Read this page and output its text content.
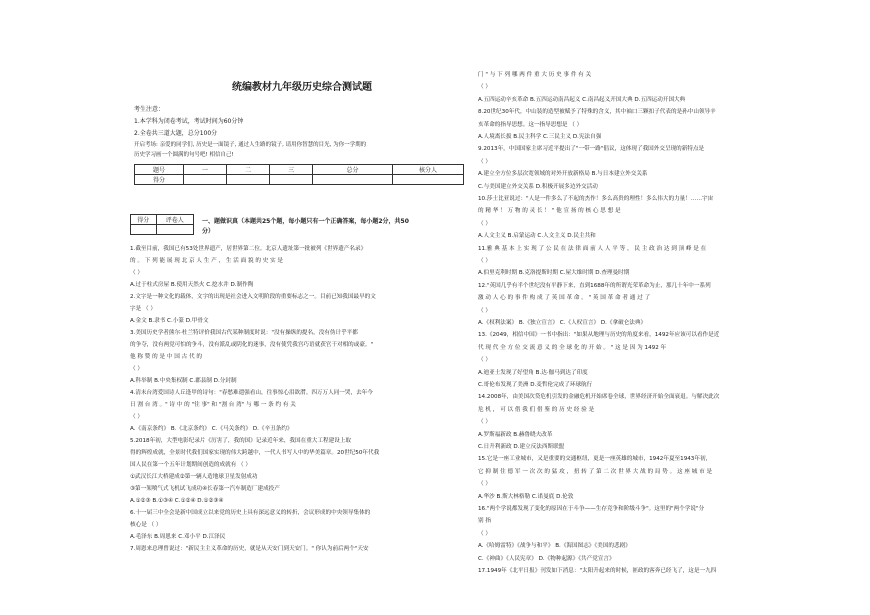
统编教材九年级历史综合测试题
考生注意：
1.本学科为闭卷考试，考试时间为60分钟
2.全卷共三道大题，总分100分
开启考场: 亲爱的同学们, 历史是一面镜子, 通过人生路的镜子, 请用你智慧的目光, 为你一学期的
历史学习画一个圆满的句号吧! 相信自己!
题号	一	二	三	总分	核分人
得分					
得分	评卷人
		一、题做识真（本题共25个题，每小题只有一个正确答案，每小题2分，共50
分）
1.截至目前，我国已有53处世界遗产，居世界第二位。北京人遗址第一批被列《世界遗产名录》
的 。 下 列 能 展 现 北 京 人 生 产 ， 生 活 面 貌 的 史 实 是
（ ）
A.过于柱式房屋 B.使用天然火 C.挖水井 D.制作陶
2.文字是一种文化的载体，文字的出现是社会进入文明阶段的重要标志之一。目前已知我国最早的文
字是 （ ）
A.金文 B.隶书 C.小篆 D.甲骨文
3.美国历史学者熊尔·杜兰特评价我国古代某种制度时说："没有操纵的提名，没有伪计乎平都
的争夺，没有两党可怕的争斗，没有派乱或阴化的迷事，没有使凭我宫巧语就获官干对相的或豪。"
他 称 赞 的 是 中 国 古 代 的
（ ）
A.科举制 B.中央集权制 C.郡县制 D.分封制
4.清末台湾爱国诗人丘逢甲的诗句："春愁难遣强看山，往事惊心泪欲潸。四万万人同一哭，去年今
日 割 台 湾 。" 诗 中 的 "往 事" 和 "割 台 湾" 与 哪 一 条 约 有 关
（ ）
A.《南京条约》 B.《北京条约》 C.《马关条约》 D.《辛丑条约》
5.2018年初，大型电影纪录片《厉害了，我的国》记录近年来，我国在重大工程建设上取
得的辉煌成就，全景时代我们国家实现的伟大跨越中，一代人书写人中的华美篇章。20世纪50年代我
国人民在第一个五年计划期间创造的成就有 （ ）
①武汉长江大桥建成②第一辆人造地球卫星发射成功
③第一架喷气式飞机试飞成功④长春第一汽车制造厂建成投产
A.①②③ B.①③④ C.①②④ D.①②③④
6.十一届三中全会是新中国成立以来党的历史上具有深远意义的转折，会议形成的中央领导集体的
核心是 （ ）
A.毛泽东 B.周恩来 C.邓小平 D.江泽民
7.周恩来总理曾说过："新民主主义革命的历史，就是从天安门到天安门。" 你认为前后两个"天安
门 " 与 下 列 哪 两 件 重 大 历 史 事 件 有 关
（ ）
A.五四运动辛亥革命 B.五四运动南昌起义 C.南昌起义开国大典 D.五四运动开国大典
8.20世纪30年代，中山装的造型被赋予了特殊的含义，其中袖口三颗扣子代表的是孙中山领导辛
亥革命的指导思想。这一指导思想是 （ ）
A.人境离长拔 B.民主科学 C.三民主义 D.宪法自强
9.2013年，中国国家主席习近平提出了"一带一路"倡议，这体现了我国外交呈现的新特点是
（ ）
A.建立全方位多层次宽领域的对外开放新格局 B.与日本建立外交关系
C.与美国建立外交关系 D.积极开展多边外交活动
10.莎士比亚说过："人是一件多么了不起的杰作！多么高贵的理性！多么伟大的力量！……宇宙
的 精 华 ！ 万 物 的 灵 长 ！ " 他 宣 扬 的 核 心 思 想 是
（ ）
A.人文主义 B.启蒙运动 C.人文主义 D.民主共和
11.雅 典 基 本 上 实 现 了 公 民 在 法 律 面 前 人 人 平 等 ， 民 主 政 治 达 到 顶 峰 是 在
（ ）
A.伯里克利时期 B.克洛提斯时期 C.屋大维时期 D.查理曼时期
12."英国几乎有半个世纪没有平静下来，直到1688年的所谓光荣革命为止，那几十年中一系列
激 动 人 心 的 事 件 构 成 了 英 国 革 命 。 " 英 国 革 命 者 通 过 了
（ ）
A.《权利法案》 B.《独立宣言》 C.《人权宣言》 D.《拿破仑法典》
13.《2049，相信中国》一书中指出："如果从地理与历史的角度来看，1492年应该可以看作是近
代 现 代 全 方 位 交 流 意 义 的 全 球 化 的 开 始 。 " 这 是 因 为 1492 年
（ ）
A.迪亚士发现了好望角 B.达·伽马到达了印度
C.哥伦布发现了美洲 D.麦哲伦完成了环球航行
14.2008年，由美国次贷危机引发的金融危机开始席卷全球，世界经济开始全面衰退。与解决此次
危 机 ， 可 以 借 我 们 借 鉴 的 历 史 经 验 是
（ ）
A.罗斯福新政 B.赫鲁晓夫改革
C.日升利新政 D.建立反法西斯联盟
15.它是一座工业城市，又是重要的交通枢纽，更是一座英雄的城市，1942年夏至1943年初，
它 抑 制 住 德 军 一 次 次 的 猛 攻 ， 扭 转 了 第 二 次 世 界 大 战 的 局 势 。 这 座 城 市 是
（ ）
A.华沙 B.斯大林格勒 C.诺曼底 D.伦敦
16."两个学说都发现了变化的原因在于斗争——生存竞争和阶级斗争"。这里的"两个学说"分
别 指
（ ）
A.《哈姆雷特》《战争与和平》 B.《海国图志》《美国的悲剧》
C.《神曲》《人民宪章》 D.《物种起源》《共产党宣言》
17.1949年《北平日报》刊发如下消息："太阳升起来的时候，匪政的客奔已经飞了，这是一九四
